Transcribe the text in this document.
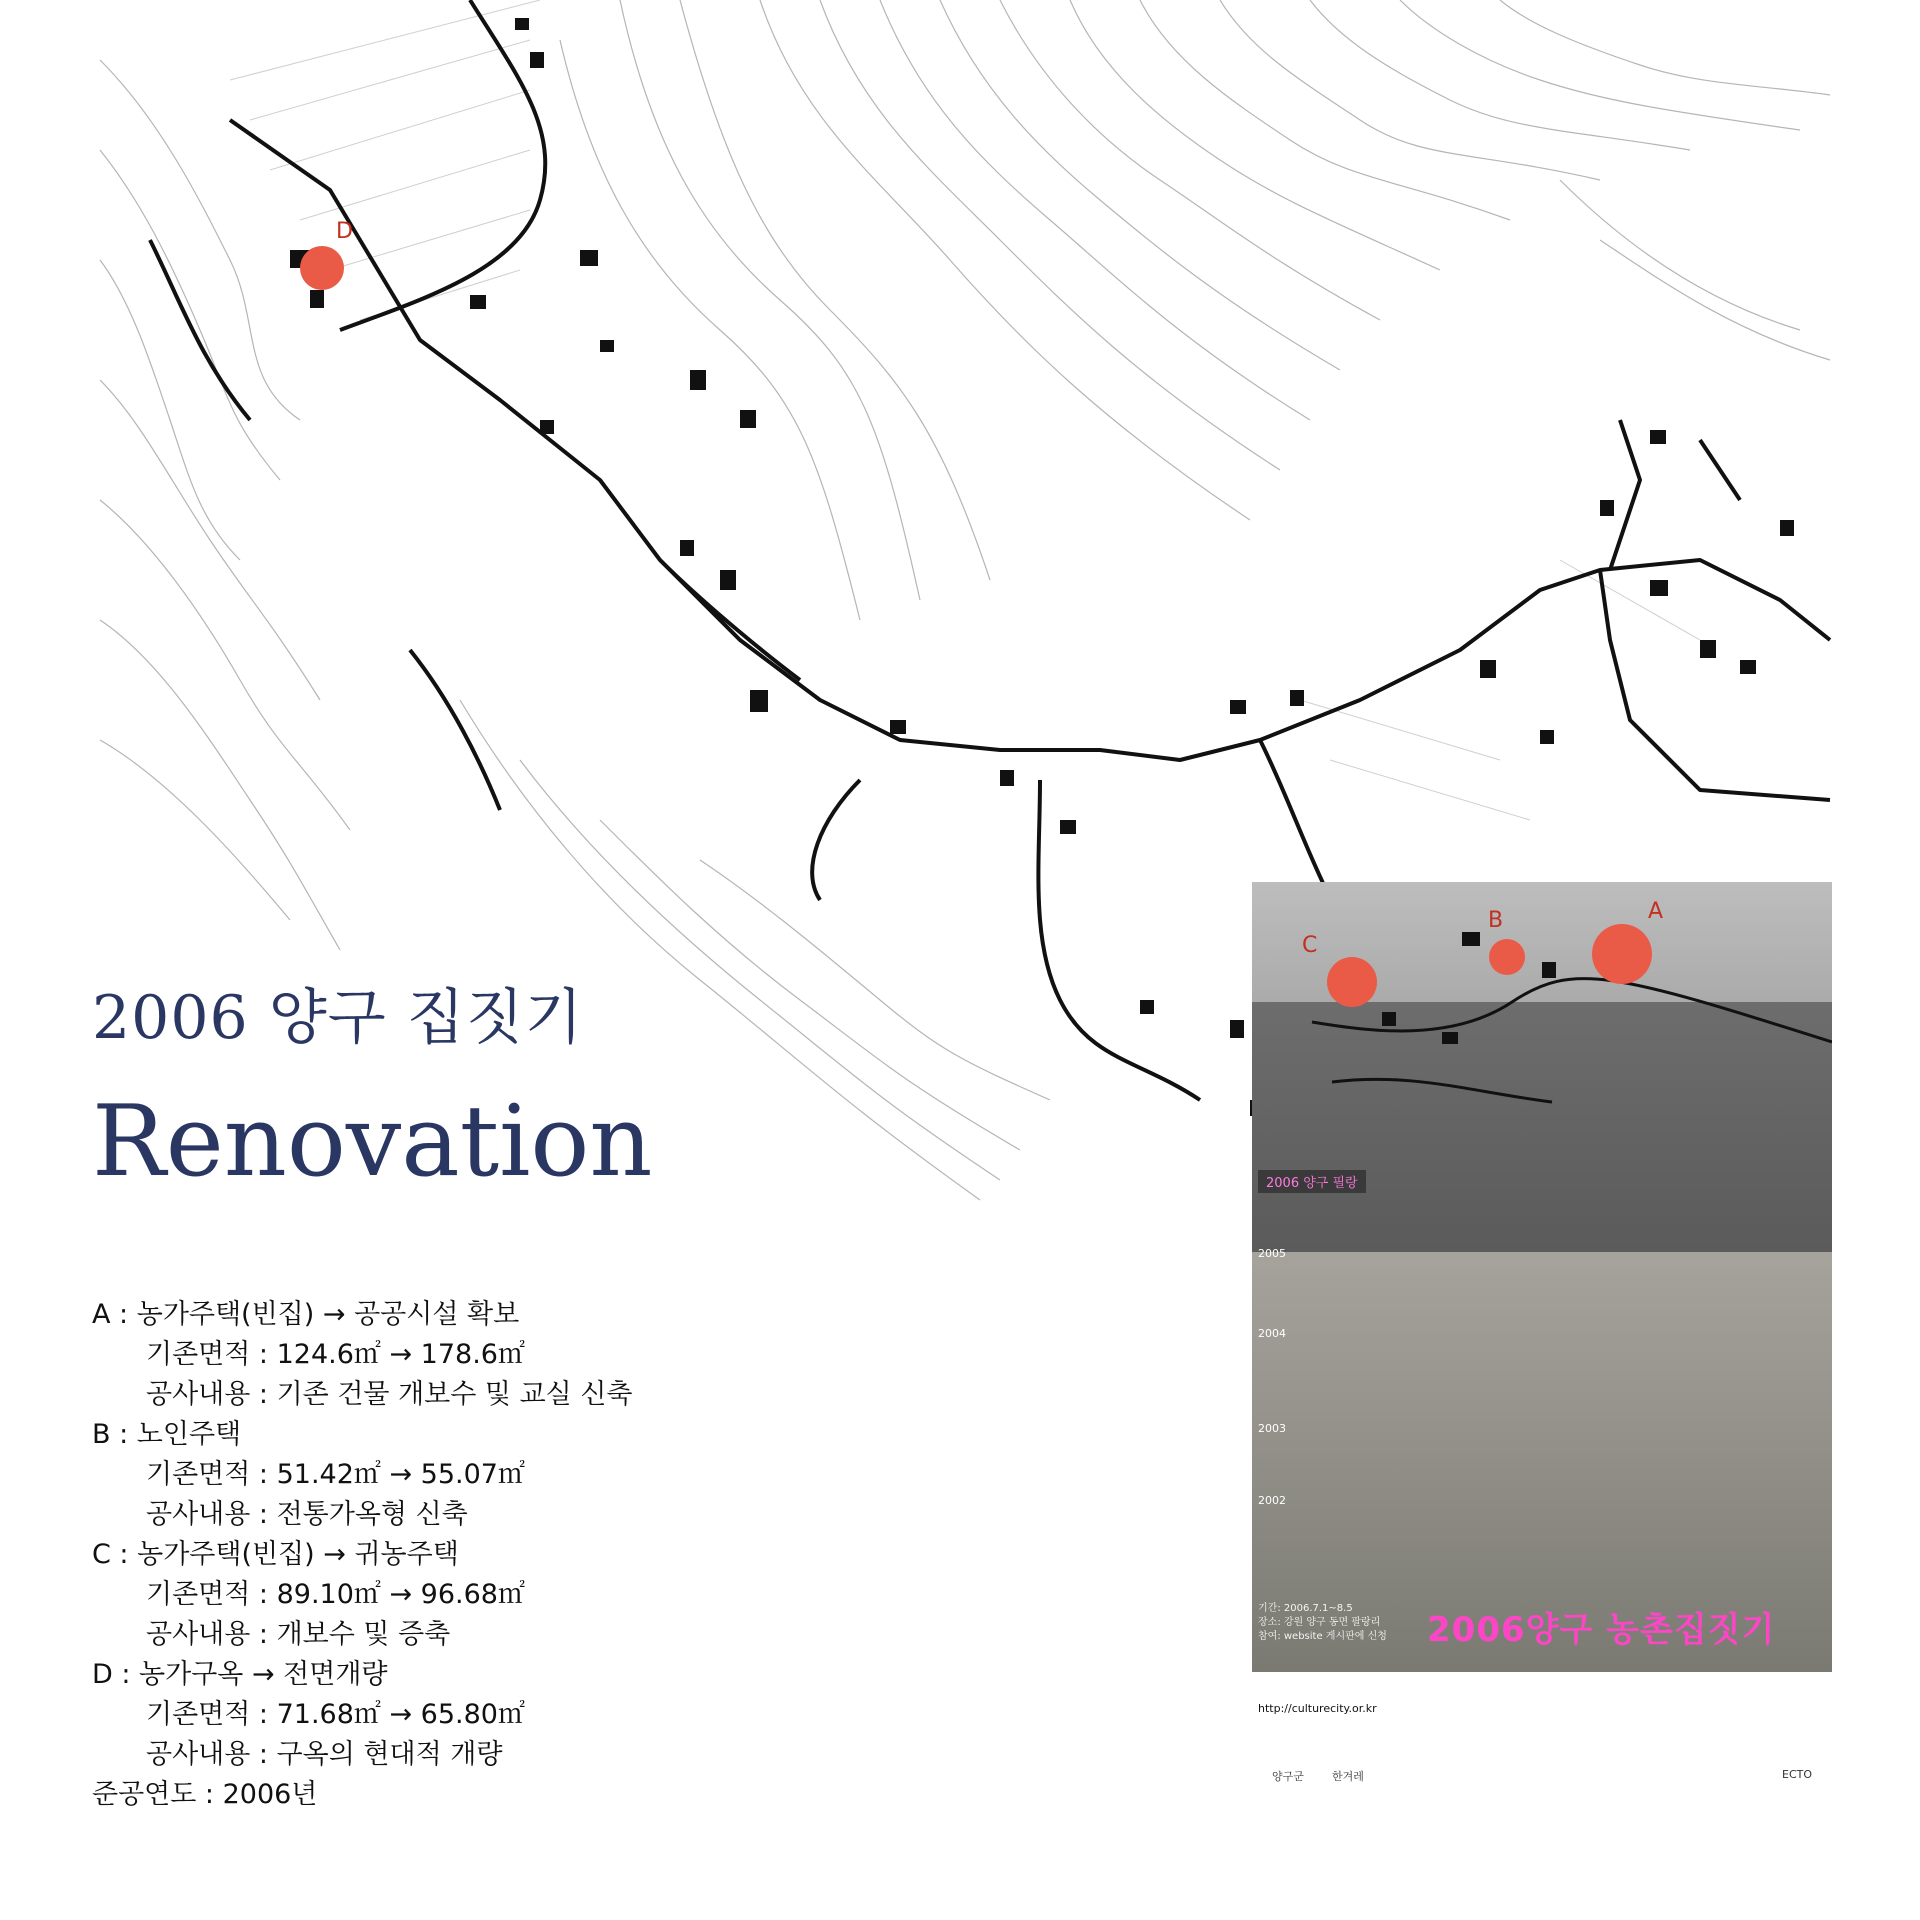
D
2006 양구 집짓기
Renovation
A : 농가주택(빈집) → 공공시설 확보
기존면적 : 124.6㎡ → 178.6㎡
공사내용 : 기존 건물 개보수 및 교실 신축
B : 노인주택
기존면적 : 51.42㎡ → 55.07㎡
공사내용 : 전통가옥형 신축
C : 농가주택(빈집) → 귀농주택
기존면적 : 89.10㎡ → 96.68㎡
공사내용 : 개보수 및 증축
D : 농가구옥 → 전면개량
기존면적 : 71.68㎡ → 65.80㎡
공사내용 : 구옥의 현대적 개량
준공연도 : 2006년
A
B
C
2006 양구 필랑
2005
2004
2003
2002
기간: 2006.7.1~8.5
장소: 강원 양구 동면 팔랑리
참여: website 게시판에 신청 2006양구 농촌집짓기
http://culturecity.or.kr
양구군	한겨레	ECTO
